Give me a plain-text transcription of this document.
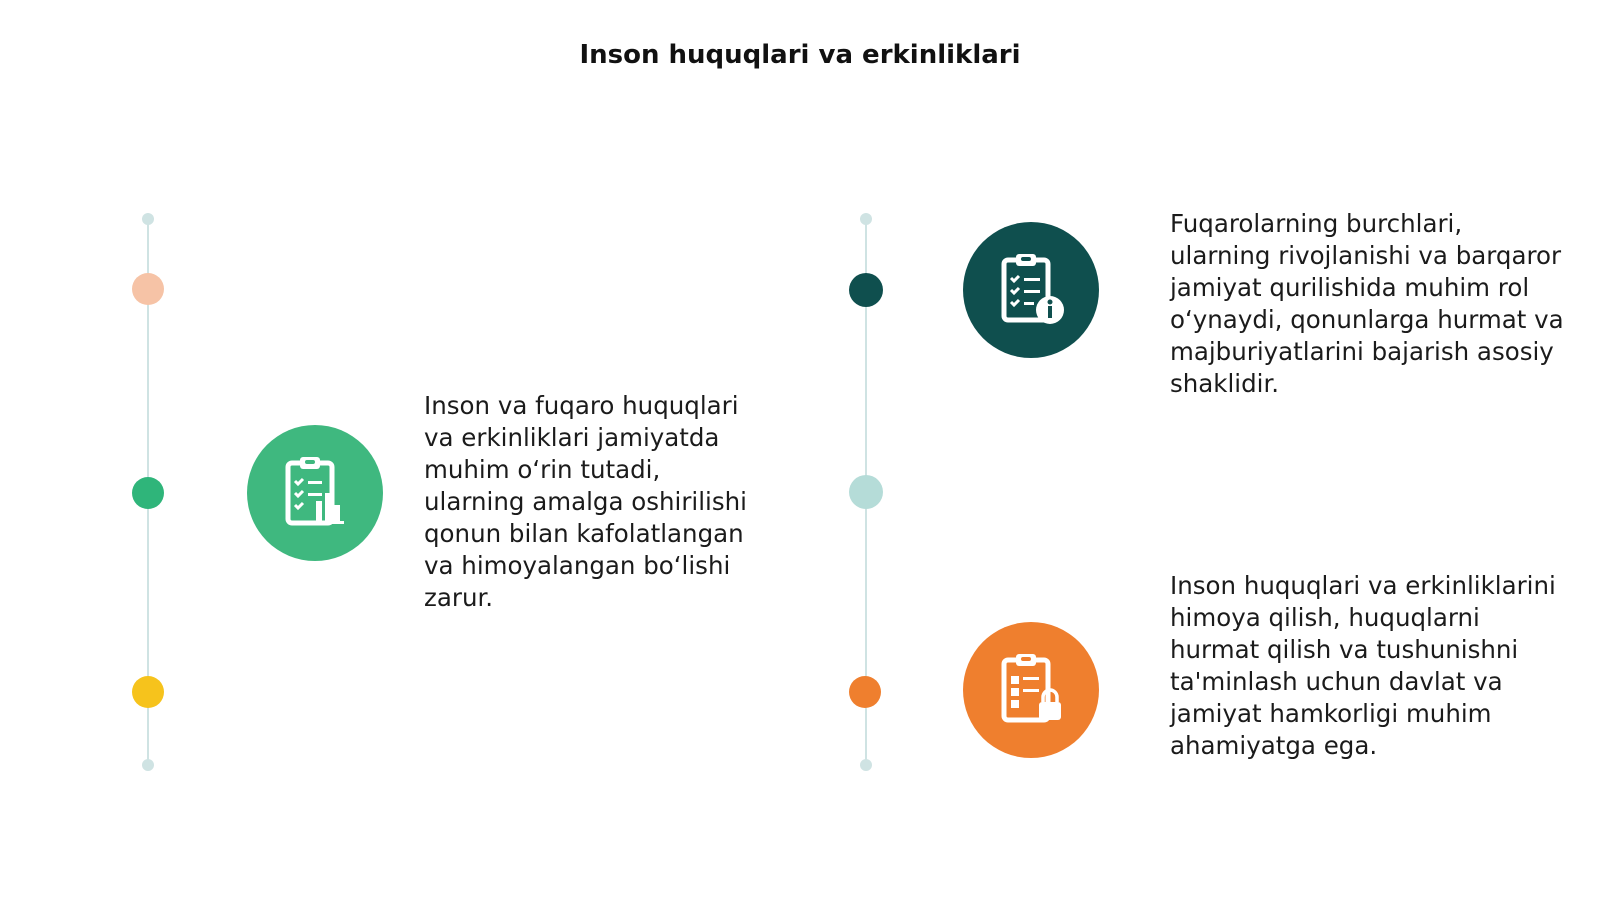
Inson huquqlari va erkinliklari
Inson va fuqaro huquqlari va erkinliklari jamiyatda muhim o‘rin tutadi, ularning amalga oshirilishi qonun bilan kafolatlangan va himoyalangan bo‘lishi zarur.
Fuqarolarning burchlari, ularning rivojlanishi va barqaror jamiyat qurilishida muhim rol o‘ynaydi, qonunlarga hurmat va majburiyatlarini bajarish asosiy shaklidir.
Inson huquqlari va erkinliklarini himoya qilish, huquqlarni hurmat qilish va tushunishni ta'minlash uchun davlat va jamiyat hamkorligi muhim ahamiyatga ega.
